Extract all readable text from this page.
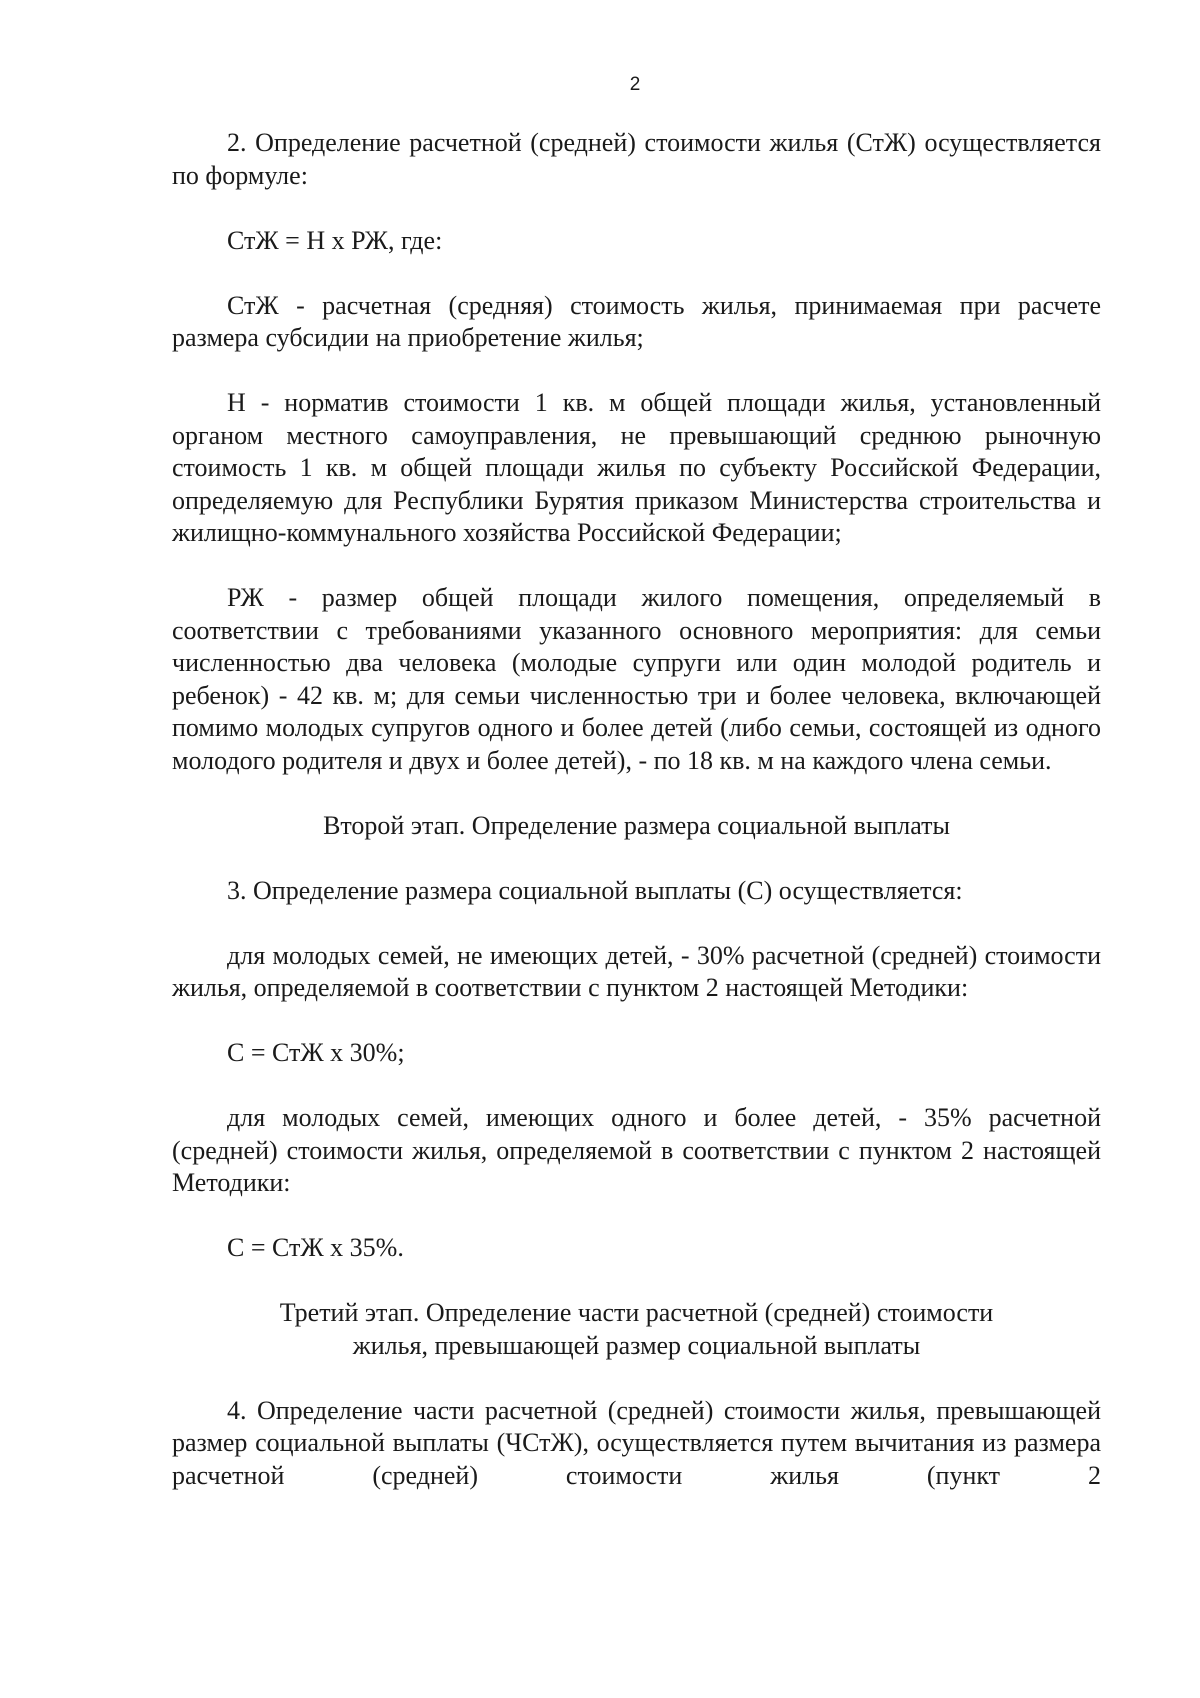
2

2. Определение расчетной (средней) стоимости жилья (СтЖ) осуществляется по формуле:

СтЖ = Н х РЖ, где:

СтЖ - расчетная (средняя) стоимость жилья, принимаемая при расчете размера субсидии на приобретение жилья;

Н - норматив стоимости 1 кв. м общей площади жилья, установленный органом местного самоуправления, не превышающий среднюю рыночную стоимость 1 кв. м общей площади жилья по субъекту Российской Федерации, определяемую для Республики Бурятия приказом Министерства строительства и жилищно-коммунального хозяйства Российской Федерации;

РЖ - размер общей площади жилого помещения, определяемый в соответствии с требованиями указанного основного мероприятия: для семьи численностью два человека (молодые супруги или один молодой родитель и ребенок) - 42 кв. м; для семьи численностью три и более человека, включающей помимо молодых супругов одного и более детей (либо семьи, состоящей из одного молодого родителя и двух и более детей), - по 18 кв. м на каждого члена семьи.

Второй этап. Определение размера социальной выплаты

3. Определение размера социальной выплаты (С) осуществляется:

для молодых семей, не имеющих детей, - 30% расчетной (средней) стоимости жилья, определяемой в соответствии с пунктом 2 настоящей Методики:

С = СтЖ х 30%;

для молодых семей, имеющих одного и более детей, - 35% расчетной (средней) стоимости жилья, определяемой в соответствии с пунктом 2 настоящей Методики:

С = СтЖ х 35%.

Третий этап. Определение части расчетной (средней) стоимости
жилья, превышающей размер социальной выплаты

4. Определение части расчетной (средней) стоимости жилья, превышающей размер социальной выплаты (ЧСтЖ), осуществляется путем вычитания из размера расчетной (средней) стоимости жилья (пункт 2
